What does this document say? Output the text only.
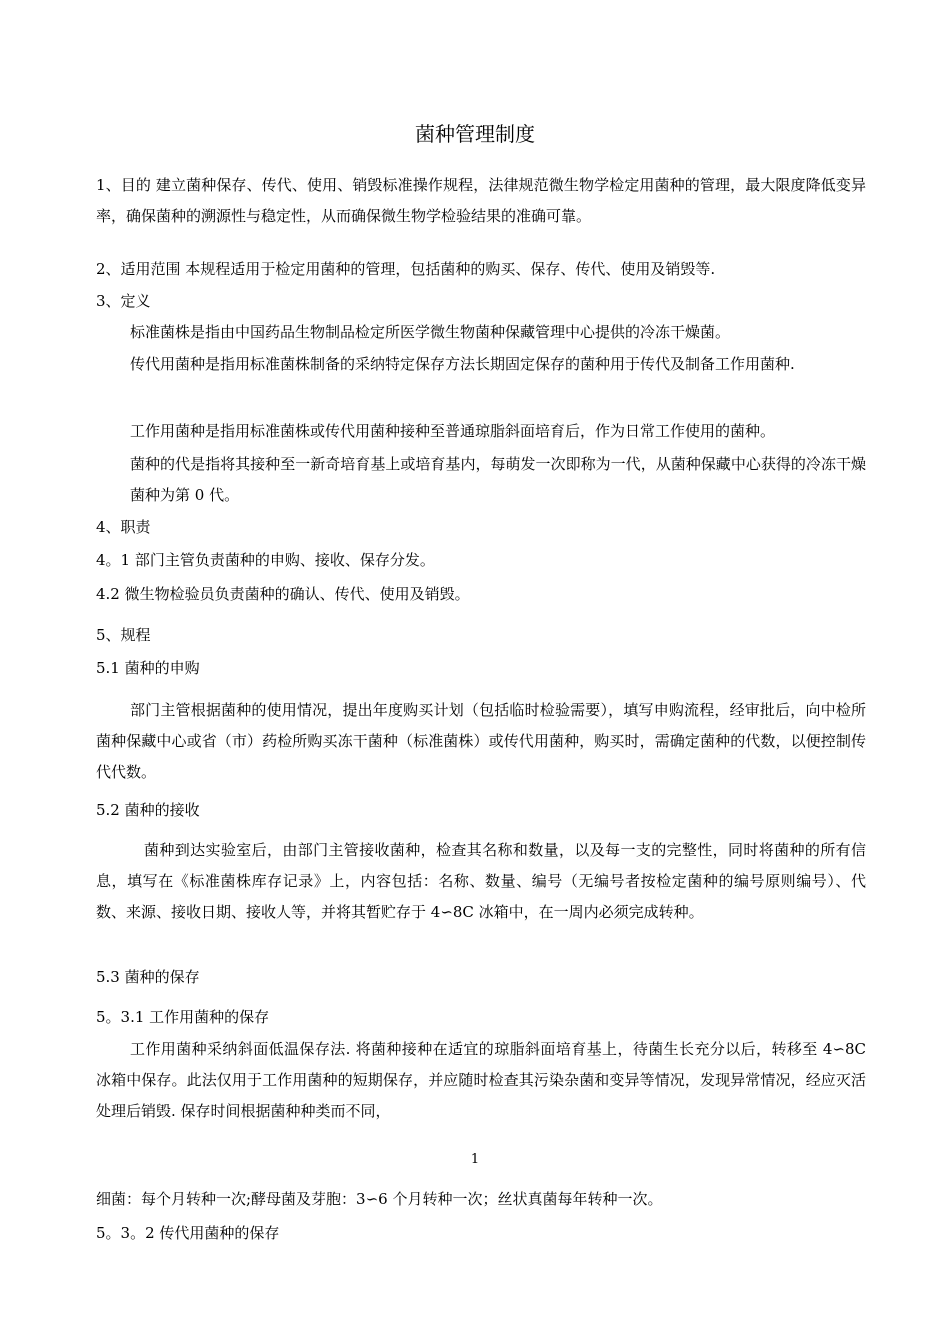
菌种管理制度

1、目的 建立菌种保存、传代、使用、销毁标准操作规程，法律规范微生物学检定用菌种的管理，最大限度降低变异率，确保菌种的溯源性与稳定性，从而确保微生物学检验结果的准确可靠。

2、适用范围 本规程适用于检定用菌种的管理，包括菌种的购买、保存、传代、使用及销毁等.

3、定义

标准菌株是指由中国药品生物制品检定所医学微生物菌种保藏管理中心提供的冷冻干燥菌。

传代用菌种是指用标准菌株制备的采纳特定保存方法长期固定保存的菌种用于传代及制备工作用菌种.

工作用菌种是指用标准菌株或传代用菌种接种至普通琼脂斜面培育后，作为日常工作使用的菌种。

菌种的代是指将其接种至一新奇培育基上或培育基内，每萌发一次即称为一代，从菌种保藏中心获得的冷冻干燥菌种为第 0 代。

4、职责

4。1 部门主管负责菌种的申购、接收、保存分发。

4.2 微生物检验员负责菌种的确认、传代、使用及销毁。

5、规程

5.1 菌种的申购

部门主管根据菌种的使用情况，提出年度购买计划（包括临时检验需要），填写申购流程，经审批后，向中检所菌种保藏中心或省（市）药检所购买冻干菌种（标准菌株）或传代用菌种，购买时，需确定菌种的代数，以便控制传代代数。

5.2 菌种的接收

菌种到达实验室后，由部门主管接收菌种，检查其名称和数量，以及每一支的完整性，同时将菌种的所有信息，填写在《标准菌株库存记录》上，内容包括：名称、数量、编号（无编号者按检定菌种的编号原则编号）、代数、来源、接收日期、接收人等，并将其暂贮存于 4∽8C 冰箱中，在一周内必须完成转种。

5.3 菌种的保存

5。3.1 工作用菌种的保存

工作用菌种采纳斜面低温保存法. 将菌种接种在适宜的琼脂斜面培育基上，待菌生长充分以后，转移至 4∽8C 冰箱中保存。此法仅用于工作用菌种的短期保存，并应随时检查其污染杂菌和变异等情况，发现异常情况，经应灭活处理后销毁. 保存时间根据菌种种类而不同，

1

细菌：每个月转种一次;酵母菌及芽胞：3∽6 个月转种一次；丝状真菌每年转种一次。

5。3。2 传代用菌种的保存
